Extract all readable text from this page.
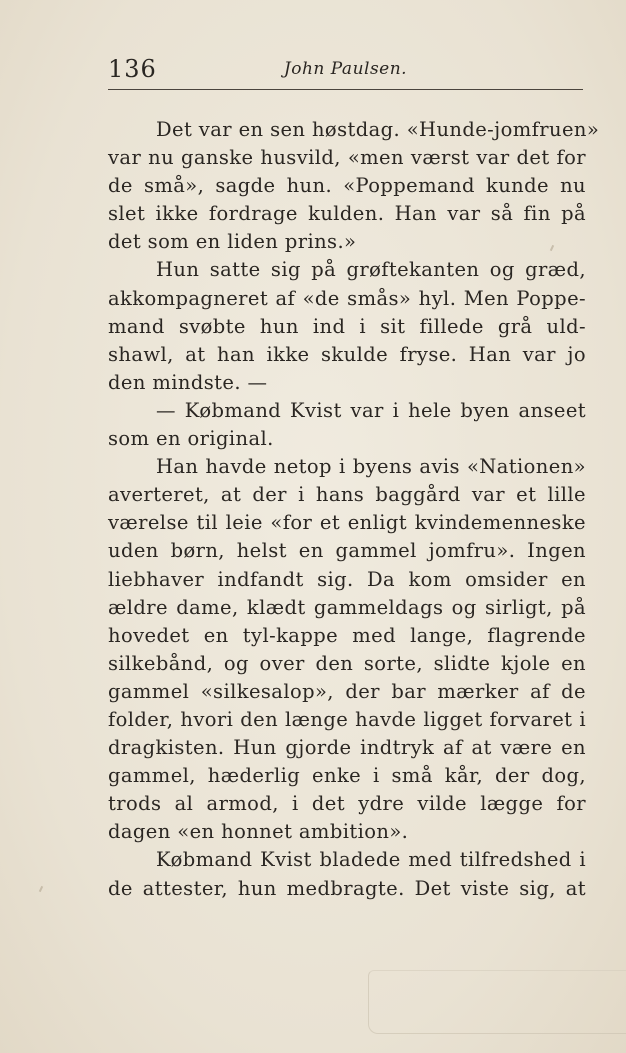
136	John Paulsen.
Det var en sen høstdag. «Hunde-jomfruen»
var nu ganske husvild, «men værst var det for
de små», sagde hun. «Poppemand kunde nu
slet ikke fordrage kulden. Han var så fin på
det som en liden prins.»
Hun satte sig på grøftekanten og græd,
akkompagneret af «de smås» hyl. Men Poppe-
mand svøbte hun ind i sit fillede grå uld-
shawl, at han ikke skulde fryse. Han var jo
den mindste. —
— Købmand Kvist var i hele byen anseet
som en original.
Han havde netop i byens avis «Nationen»
averteret, at der i hans baggård var et lille
værelse til leie «for et enligt kvindemenneske
uden børn, helst en gammel jomfru». Ingen
liebhaver indfandt sig. Da kom omsider en
ældre dame, klædt gammeldags og sirligt, på
hovedet en tyl-kappe med lange, flagrende
silkebånd, og over den sorte, slidte kjole en
gammel «silkesalop», der bar mærker af de
folder, hvori den længe havde ligget forvaret i
dragkisten. Hun gjorde indtryk af at være en
gammel, hæderlig enke i små kår, der dog,
trods al armod, i det ydre vilde lægge for
dagen «en honnet ambition».
Købmand Kvist bladede med tilfredshed i
de attester, hun medbragte. Det viste sig, at
